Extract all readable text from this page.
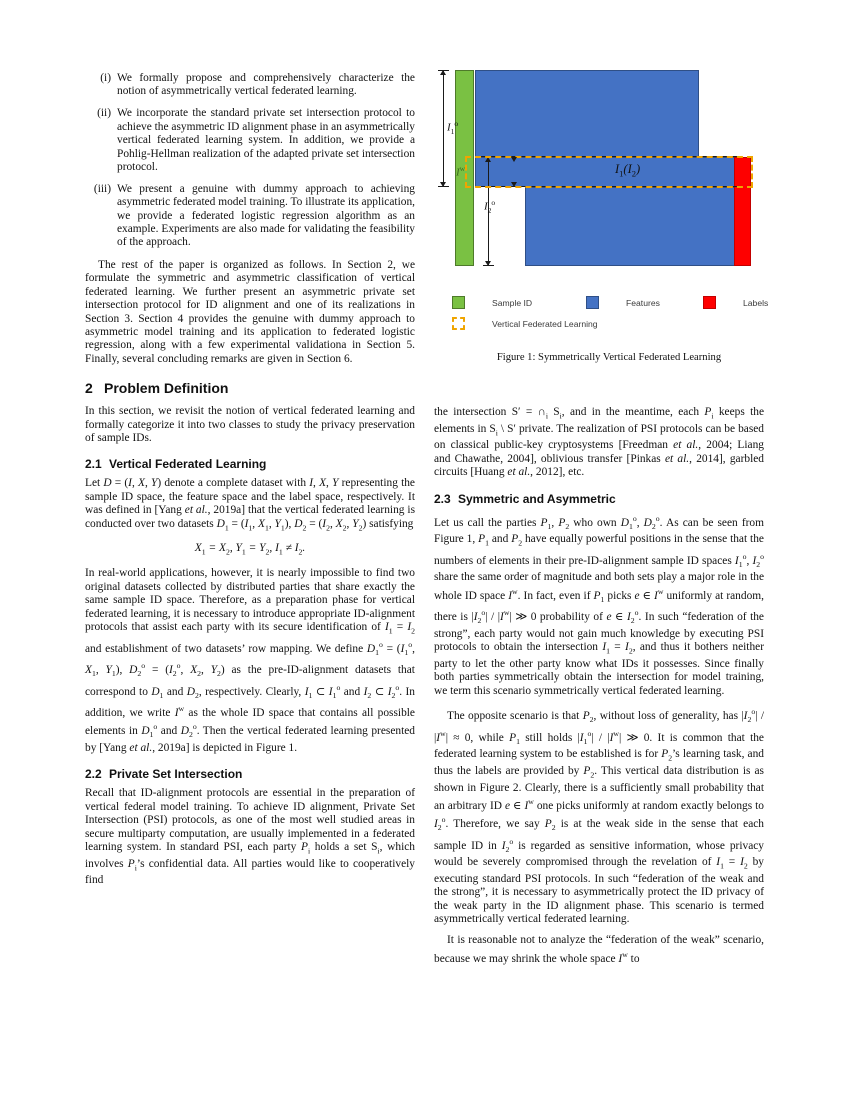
(i) We formally propose and comprehensively characterize the notion of asymmetrically vertical federated learning.
(ii) We incorporate the standard private set intersection protocol to achieve the asymmetric ID alignment phase in an asymmetrically vertical federated learning system. In addition, we provide a Pohlig-Hellman realization of the adapted private set intersection protocol.
(iii) We present a genuine with dummy approach to achieving asymmetric federated model training. To illustrate its application, we provide a federated logistic regression algorithm as an example. Experiments are also made for validating the feasibility of the approach.

The rest of the paper is organized as follows. In Section 2, we formulate the symmetric and asymmetric classification of vertical federated learning. We further present an asymmetric private set intersection protocol for ID alignment and one of its realizations in Section 3. Section 4 provides the genuine with dummy approach to asymmetric model training and its application to federated logistic regression, along with a few experimental validationa in Section 5. Finally, several concluding remarks are given in Section 6.

2 Problem Definition

In this section, we revisit the notion of vertical federated learning and formally categorize it into two classes to study the privacy preservation of sample IDs.

2.1 Vertical Federated Learning

Let D = (I, X, Y) denote a complete dataset with I, X, Y representing the sample ID space, the feature space and the label space, respectively. It was defined in [Yang et al., 2019a] that the vertical federated learning is conducted over two datasets $D_1 = (I_1$, $X_1$, $Y_1$), $D_2 = (I_2$, $X_2$, $Y_2$) satisfying

$X_1 = X_2$, $Y_1 = Y_2$, $I_1 \ne I_2$.

In real-world applications, however, it is nearly impossible to find two original datasets collected by distributed parties that share exactly the same sample ID space. Therefore, as a preparation phase for vertical federated learning, it is necessary to introduce appropriate ID-alignment protocols that assist each party with its secure identification of $I_1 = I_2$ and establishment of two datasets’ row mapping. We define $D_1^o = (I_1^o$, $X_1$, $Y_1$), $D_2^o = (I_2^o$, $X_2$, $Y_2$) as the pre-ID-alignment datasets that correspond to $D_1$ and $D_2$, respectively. Clearly, $I_1$ ⊂ $I_1^o$ and $I_2$ ⊂ $I_2^o$. In addition, we write $I^w$ as the whole ID space that contains all possible elements in $D_1^o$ and $D_2^o$. Then the vertical federated learning presented by [Yang et al., 2019a] is depicted in Figure 1.

2.2 Private Set Intersection

Recall that ID-alignment protocols are essential in the preparation of vertical federal model training. To achieve ID alignment, Private Set Intersection (PSI) protocols, as one of the most well studied areas in secure multiparty computation, are usually implemented in a federated learning system. In standard PSI, each party $P_i$ holds a set $S_i$, which involves $P_i’s$ confidential data. All parties would like to cooperatively find

$I_1^o$
$I^w$	$I_1(I_2)$
$I_2^o$
Sample ID	Features	Labels
Vertical Federated Learning
Figure 1: Symmetrically Vertical Federated Learning

the intersection $S' = \cap_i$ $S_i$, and in the meantime, each $P_i$ keeps the elements in $S_i$ \ S′ private. The realization of PSI protocols can be based on classical public-key cryptosystems [Freedman et al., 2004; Liang and Chawathe, 2004], oblivious transfer [Pinkas et al., 2014], garbled circuits [Huang et al., 2012], etc.

2.3 Symmetric and Asymmetric

Let us call the parties $P_1$, $P_2$ who own $D_1^o$, $D_2^o$. As can be seen from Figure 1, $P_1$ and $P_2$ have equally powerful positions in the sense that the numbers of elements in their pre-ID-alignment sample ID spaces $I_1^o$, $I_2^o$ share the same order of magnitude and both sets play a major role in the whole ID space $I^w$. In fact, even if $P_1$ picks e ∈ $I^w$ uniformly at random, there is $|I_2^o| / |I^w|$ ≫ 0 probability of e ∈ $I_2^o$. In such “federation of the strong”, each party would not gain much knowledge by executing PSI protocols to obtain the intersection $I_1 = I_2$, and thus it bothers neither party to let the other party know what IDs it possesses. Since finally both parties symmetrically obtain the intersection for model training, we term this scenario symmetrically vertical federated learning.

The opposite scenario is that $P_2$, without loss of generality, has $|I_2^o| / |I^w| \approx 0$, while $P_1$ still holds $|I_1^o| / |I^w|$ ≫ 0. It is common that the federated learning system to be established is for $P_2’s$ learning task, and thus the labels are provided by $P_2$. This vertical data distribution is as shown in Figure 2. Clearly, there is a sufficiently small probability that an arbitrary ID e ∈ $I^w$ one picks uniformly at random exactly belongs to $I_2^o$. Therefore, we say $P_2$ is at the weak side in the sense that each sample ID in $I_2^o$ is regarded as sensitive information, whose privacy would be severely compromised through the revelation of $I_1 = I_2$ by executing standard PSI protocols. In such “federation of the weak and the strong”, it is necessary to asymmetrically protect the ID privacy of the weak party in the ID alignment phase. This scenario is termed asymmetrically vertical federated learning.

It is reasonable not to analyze the “federation of the weak” scenario, because we may shrink the whole space $I^w$ to
